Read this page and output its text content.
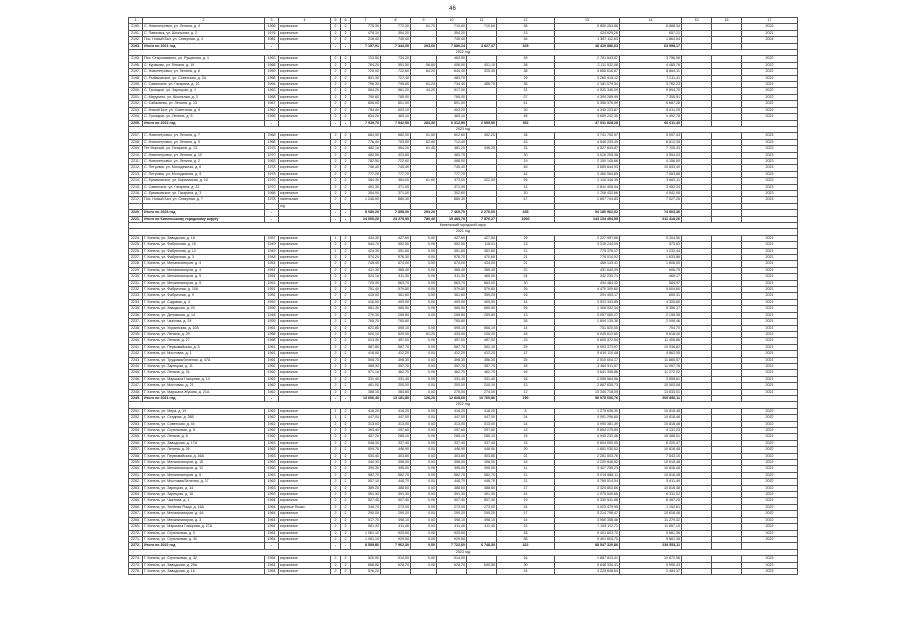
46
1	2	3	4	5	6	7	8	9	10	11	12	13	14	15	16	17
2190.	С. Новопетровск, ул. Ленина, д. 4	1965	кирпичные	2	2	775,30	772,30	61,70	710,60	710,60	36	5 850 263,86	8 868,34			2022
2191.	С. Павловск, ул. Школьная, д. 2	1976	кирпичные	2	2	478,10	354,20		354,20		13	424 625,26	657,21			2021
2192.	Пос. Новый Быт, ул. Северная, д. 4	1981	кирпичные	2	2	216,40	740,40		740,40		34	1 387 112,63	1 864,54			2024
2193.	Итого по 2021 год	-		-	-	7 197,91	7 344,00	203,60	7 880,24	3 827,37	329	48 429 886,63	63 998,17			
2022 год																
2195.	Пос. Старосаввино, ул. Рушанова, д. 1	1963	кирпичные	2	2	703,50	734,20		483,50		39	2 751 543,57	3 756,95			2022
2196.	С. Кураково, ул. Ленина, д. 19	1968	кирпичные	2	2	764,20	551,50	56,80	406,90	401,10	38	2 111 532,08	4 465,76			2022
2197.	С. Новопетровск, ул. Ленина, д. 6	1959	кирпичные	2	2	725,00	722,60	64,20	644,40	325,40	38	4 658 616,87	8 664,11			2022
2198.	С. Рыбаковское, ул. Советская, д. 2А	1968	кирпичные	2	2	801,30	727,40		483,70		29	3 260 415,12	7 211,41			2022
2199.	С. Савинское, ул. Гагарина, д. 10	1964	кирпичные	2	2	796,30	795,60	61,20	734,40	456,70	36	2 181 079,54	3 762,23			2022
2200.	С. Троицкое, ул. Зарецкая, д. 1	1963	кирпичные	2	2	564,20	561,20	44,20	517,00		31	4 520 346,09	9 854,70			2022
2201.	С. Марусино, ул. Школьная, д. 3	1968	кирпичные	2	2	790,60	785,00		765,00		27	4 394 289,99	7 355,51			2022
2202.	С. Сабакаево, ул. Ленина, д. 13	1967	кирпичные	2	2	806,00	801,00		801,00		41	5 356 376,99	6 687,28			2022
2203.	С. Новый Быт, ул. Советская, д. 8	1969	кирпичные	2	2	754,40	603,10		403,20		30	4 345 223,87	5 611,29			2022
2204.	С. Троицкое, ул. Ленина, д. 5	1965	кирпичные	2	2	834,20	483,10		483,10		45	3 659 242,30	4 452,78			2022
2205.	Итого по 2022 год	-		-	-	7 939,70	7 542,50	283,30	6 312,50	2 995,50	352	47 031 828,28	66 611,40			
2023 год																
2207.	С. Новопетровск, ул. Ленина, д. 7	1968	кирпичные	2	2	684,90	682,30	61,50	602,80	452,20	35	3 741 700,97	5 597,43			2023
2208.	С. Новопетровск, ул. Ленина, д. 9	1968	кирпичные	2	2	776,40	753,50	62,80	712,40		43	4 546 203,40	6 612,35			2023
2209.	Пгт Мирный, ул. Гагарина, д. 13	1978	кирпичные	2	2	482,10	564,20	61,40	481,20	346,20	31	4 527 843,87	7 705,33			2023
2210.	С. Новопетровск, ул. Ленина, д. 10	1970	кирпичные	2	2	482,50	423,80		483,70		30	3 016 255,38	4 554,03			2023
2211.	С. Новопетровск, ул. Ленина, д. 2	1963	кирпичные	2	2	782,50	722,60		468,00		19	2 150 145,66	4 156,50			2023
2212.	С. Петровск, ул. Молодежная, д. 6	1978	кирпичные	2	2	746,40	745,40		745,40		45	3 659 644,93	10 833,40			2023
2213.	С. Петровск, ул. Молодежная, д. 8	1978	кирпичные	2	2	777,20	777,70		777,70		42	3 460 064,65	7 653,88			2023
2214.	С. Ермаковское, ул. Бараевская, д. 10	1976	кирпичные	2	2	384,30	384,00	61,60	373,00	322,00	26	2 116 346,35	3 663,11			2023
2215.	С. Савинское, ул. Гагарина, д. 22	1970	кирпичные	2	2	451,30	371,00		371,00		14	2 841 406,44	3 452,24			2023
2216.	С. Ермаковское, ул. Гагарина, д. 3	1968	кирпичные	2	2	354,00	371,00		302,60		20	1 706 433,66	4 842,95			2023
2217.	Пос. Новый Быт, ул. Северная, д. 7	1978	панельные	2	2	1 246,00	880,30		880,30		47	1 607 744,83	7 527,25			2023
			н/д													
2220.	Итого по 2023 год	-		-	-	8 080,20	7 858,00	293,20	7 460,70	2 276,00	435	54 180 562,02	74 803,36			
2221.	Итого по Кинельскому городскому округу	-		-	-	24 000,20	23 270,90	780,40	19 483,70	7 876,27	1000	143 134 494,55	211 418,26			
Кинельский городской округ																
2021 год																
2224.	Г. Кинель, ул. Заводская, д. 18	1957	кирпичные	1	2	434,30	427,60	0,00	427,60	427,60	29	2 227 997,66	5 204,50			2021
2225.	Г. Кинель, ул. Фабричная, д. 15	1949	кирпичные	2	2	544,70	552,50	0,00	552,50	118,01	13	3 315 244,09	573,63			2021
2226.	Г. Кинель, ул. Фабричная, д. 12	1949	кирпичные	1	2	424,30	351,60	0,00	351,60	351,60	21	775 376,17	1 232,44			2021
2227.	Г. Кинель, ул. Фабричная, д. 3	1948	кирпичные	2	2	574,20	576,30	0,00	576,70	470,60	21	776 014,92	1 633,86			2021
2228.	Г. Кинель, ул. Механизаторов, д. 4	1951	кирпичные	2	2	745,40	674,00	0,00	674,00	434,00	21	465 143,41	1 606,00			2021
2229.	Г. Кинель, ул. Механизаторов, д. 4	1951	кирпичные	2	2	421,30	385,40	0,00	385,40	385,40	22	451 640,09	606,75			2021
2230.	Г. Кинель, ул. Механизаторов, д. 5	1951	кирпичные	2	2	524,10	511,30	0,00	511,30	465,00	24	242 233,71	469,17			2021
2231.	Г. Кинель, ул. Механизаторов, д. 5	1951	кирпичные	2	2	725,30	663,70	0,00	663,70	663,00	30	434 484,32	584,97			2021
2232.	Г. Кинель, ул. Фабричная, д. 10А	1951	кирпичные	2	2	751,40	579,80	0,00	579,80	579,80	26	4 470 309,60	5 604,60			2021
2233.	Г. Кинель, ул. Фабричная, д. 9	1951	кирпичные	2	2	415,00	361,60	0,00	361,60	359,20	16	291 493,17	600,31			2021
2234.	Г. Кинель, ул. Садовая, д. 4	1952	кирпичные	2	2	416,50	409,90	0,00	409,90	409,90	14	3 923 343,85	4 305,80			2021
2235.	Г. Кинель, ул. Заводская, д. 20	1956	кирпичные	2	2	561,30	560,50	0,00	560,50	560,50	26	1 306 532,34	5 356,17			2021
2236.	Г. Кинель, ул. Деповская, д. 14	1948	кирпичные	2	2	270,30	259,80	0,00	259,80	259,80	13	3 057 060,27	2 198,38			2021
2237.	Г. Кинель, ул. Чкалова, д. 29	1959	кирпичные	2	2	765,70	765,60		765,60		26	1 694 135,36	2 098,46			2021
2238.	Г. Кинель, ул. Украинская, д. 10А	1961	кирпичные	2	2	621,80	595,10	0,00	595,10	566,19	14	751 520,05	704,70			2021
2239.	Г. Кинель, ул. Ленина, д. 29	1968	кирпичные	2	2	520,10	520,00	61,20	433,00	235,20	16	5 045 612,60	5 618,40			2021
2240.	Г. Кинель, ул. Ленина, д. 27	1968	кирпичные	2	2	513,30	457,00	0,00	457,00	457,00	23	5 605 372,54	11 408,86			2021
2241.	Г. Кинель, ул. Первомайская, д. 3	1961	кирпичные	2	2	587,80	587,70	0,00	587,70	392,10	29	6 093 373,97	10 336,82			2021
2242.	Г. Кинель, ул. Мостовая, д. 1	1961	кирпичные	2	2	416,90	412,20	0,00	412,20	412,20	17	5 619 110,48	4 862,55			2021
2243.	Г. Кинель, ул. Трудовая/Зеленая, д. 47А	1961	кирпичные	2	2	506,70	396,30	0,00	396,30	396,30	25	2 510 604,17	11 865,57			2021
2244.	Г. Кинель, ул. Зарецкая, д. 11	1962	кирпичные	2	2	368,30	357,70	0,00	357,70	357,70	16	3 464 911,57	11 057,76			2021
2245.	Г. Кинель, ул. Ленина, д. 34	1962	кирпичные	2	2	571,10	462,70	0,00	462,70	462,70	16	3 641 306,86	11 272,02			2021
2246.	Г. Кинель, ул. Маршала Говорова, д. 14	1962	кирпичные	2	2	331,40	331,40	0,00	331,40	331,40	16	2 556 564,56	3 558,61			2021
2247.	Г. Кинель, ул. Мостовая, д. 21	1962	кирпичные	2	2	461,00	200,00	0,00	200,00	200,10	13	2 887 635,73	10 503,08			2021
2248.	Г. Кинель, ул. Маршала Жукова, д. 21А	1962	кирпичные	2	2	388,10	384,60	0,00	275,00	274,00	12	13 340 718,09	13 633,01			2021
2249.	Итого по 2021 год	-		-	-	13 606,40	13 181,80	126,20	12 828,60	10 760,86	190	99 975 036,76	209 896,11			
2022 год																
2251.	Г. Кинель, ул. Мира, д. 19	1962	кирпичные	1	2	418,20	418,20	0,00	418,20	418,20	8	1 275 636,30	10 818,48			2022
2252.	Г. Кинель, ул. Стадная, д. 28Б	1962	кирпичные	1	2	447,00	447,00	0,00	447,00	447,00	24	4 091 296,85	10 818,48			2022
2253.	Г. Кинель, ул. Советская, д. 44	1962	кирпичные	2	2	313,00	313,00	0,00	313,00	313,00	14	3 990 381,39	10 818,48			2022
2254.	Г. Кинель, ул. Стрелковая, д. 8	1962	кирпичные	2	2	393,40	297,60	0,00	297,60	297,60	13	9 854 275,89	4 131,23			2022
2255.	Г. Кинель, ул. Ленина, д. 8	1962	кирпичные	2	2	457,20	285,10	0,00	285,10	285,10	15	4 945 233,46	15 388,51			2022
2256.	Г. Кинель, ул. Заводская, д. 17А	1963	кирпичные	2	2	548,30	337,40	0,00	337,40	337,40	15	9 604 050,00	6 200,47			2022
2257.	Г. Кинель, ул. Ленина, д. 26	1963	кирпичные	2	2	509,70	446,90	0,00	446,90	446,90	20	1 681 030,63	10 818,48			2022
2258.	Г. Кинель, ул. Первомайская, д. 46А	1963	кирпичные	2	2	534,40	303,80	0,00	303,80	303,80	21	2 261 503,76	7 543,10			2022
2259.	Г. Кинель, ул. Механизаторов, д. 15	1963	кирпичные	2	2	340,30	396,00	0,00	396,00	396,00	15	4 220 846,92	10 818,48			2022
2260.	Г. Кинель, ул. Механизаторов, д. 12	1963	кирпичные	2	2	390,30	395,00	0,00	395,00	395,00	11	3 407 255,23	10 818,48			2022
2261.	Г. Кинель, ул. Механизаторов, д. 6	1963	кирпичные	2	2	582,70	582,70	0,00	582,70	582,70	21	5 019 688,11	10 818,48			2022
2262.	Г. Кинель, ул. Мостовая/Зеленая, д. 27	1963	кирпичные	2	2	557,10	448,70	0,00	448,70	448,70	21	3 760 514,54	5 611,49			2022
2263.	Г. Кинель, ул. Зарецкая, д. 14	1963	кирпичные	2	2	389,20	388,60	0,00	388,60	388,60	17	2 320 803,66	10 818,48			2022
2264.	Г. Кинель, ул. Зарецкая, д. 16	1963	кирпичные	2	2	391,30	391,30	0,00	391,30	391,30	14	1 975 540,66	6 311,02			2022
2265.	Г. Кинель, ул. Чкалова, д. 1	1964	кирпичные	2	2	507,40	507,40	0,00	507,40	507,40	19	5 330 541,68	8 487,25			2022
2266.	Г. Кинель, ул. Зелёная Роща, д. 16А	1964	крупные блоки	2	2	346,70	273,00	0,00	273,00	273,00	24	3 023 479,95	1 152,61			2022
2267.	Г. Кинель, ул. Механизаторов, д. 4А	1964	кирпичные	2	2	290,00	290,20	0,00	290,20	290,20	17	3 214 798,47	10 818,48			2022
2268.	Г. Кинель, ул. Механизаторов, д. 3	1964	кирпичные	2	2	517,70	498,10	0,00	498,10	498,10	14	3 950 358,48	11 279,32			2022
2269.	Г. Кинель, ул. Маршала Говорова, д. 27А	1964	кирпичные	2	2	561,40	411,40	0,00	411,40	411,40	22	7 153 112,71	11 657,10			2022
2270.	Г. Кинель, ул. Стрелковая, д. 5	1964	кирпичные	2	2	1 061,10	929,60	0,00	929,60		35	9 401 603,70	9 661,36			2022
2271.	Г. Кинель, ул. Стрелковая, д. 30	1964	кирпичные	2	2	1 061,10	929,60	0,00	929,60		36	9 401 603,70	9 661,36			2022
2272.	Итого по 2022 год	-		-	-	8 559,80	7 962,30	0,00	7 722,60	6 748,30	422	88 547 320,86	239 553,11			
2023 год																
2274.	Г. Кинель, ул. Стрелковая, д. 32	1964	кирпичные	2	2	520,90	514,00	0,00	514,00		16	1 887 813,41	10 872,96			2023
2275.	Г. Кинель, ул. Заводская, д. 25А	1964	кирпичные	2	2	668,80	628,70	0,00	628,70	630,50	30	5 648 336,41	9 950,43			2023
2276.	Г. Кинель, ул. Заводская, д. 16	1964	кирпичные	2	2	576,20					24	3 225 648,64	2 484,37			2023
